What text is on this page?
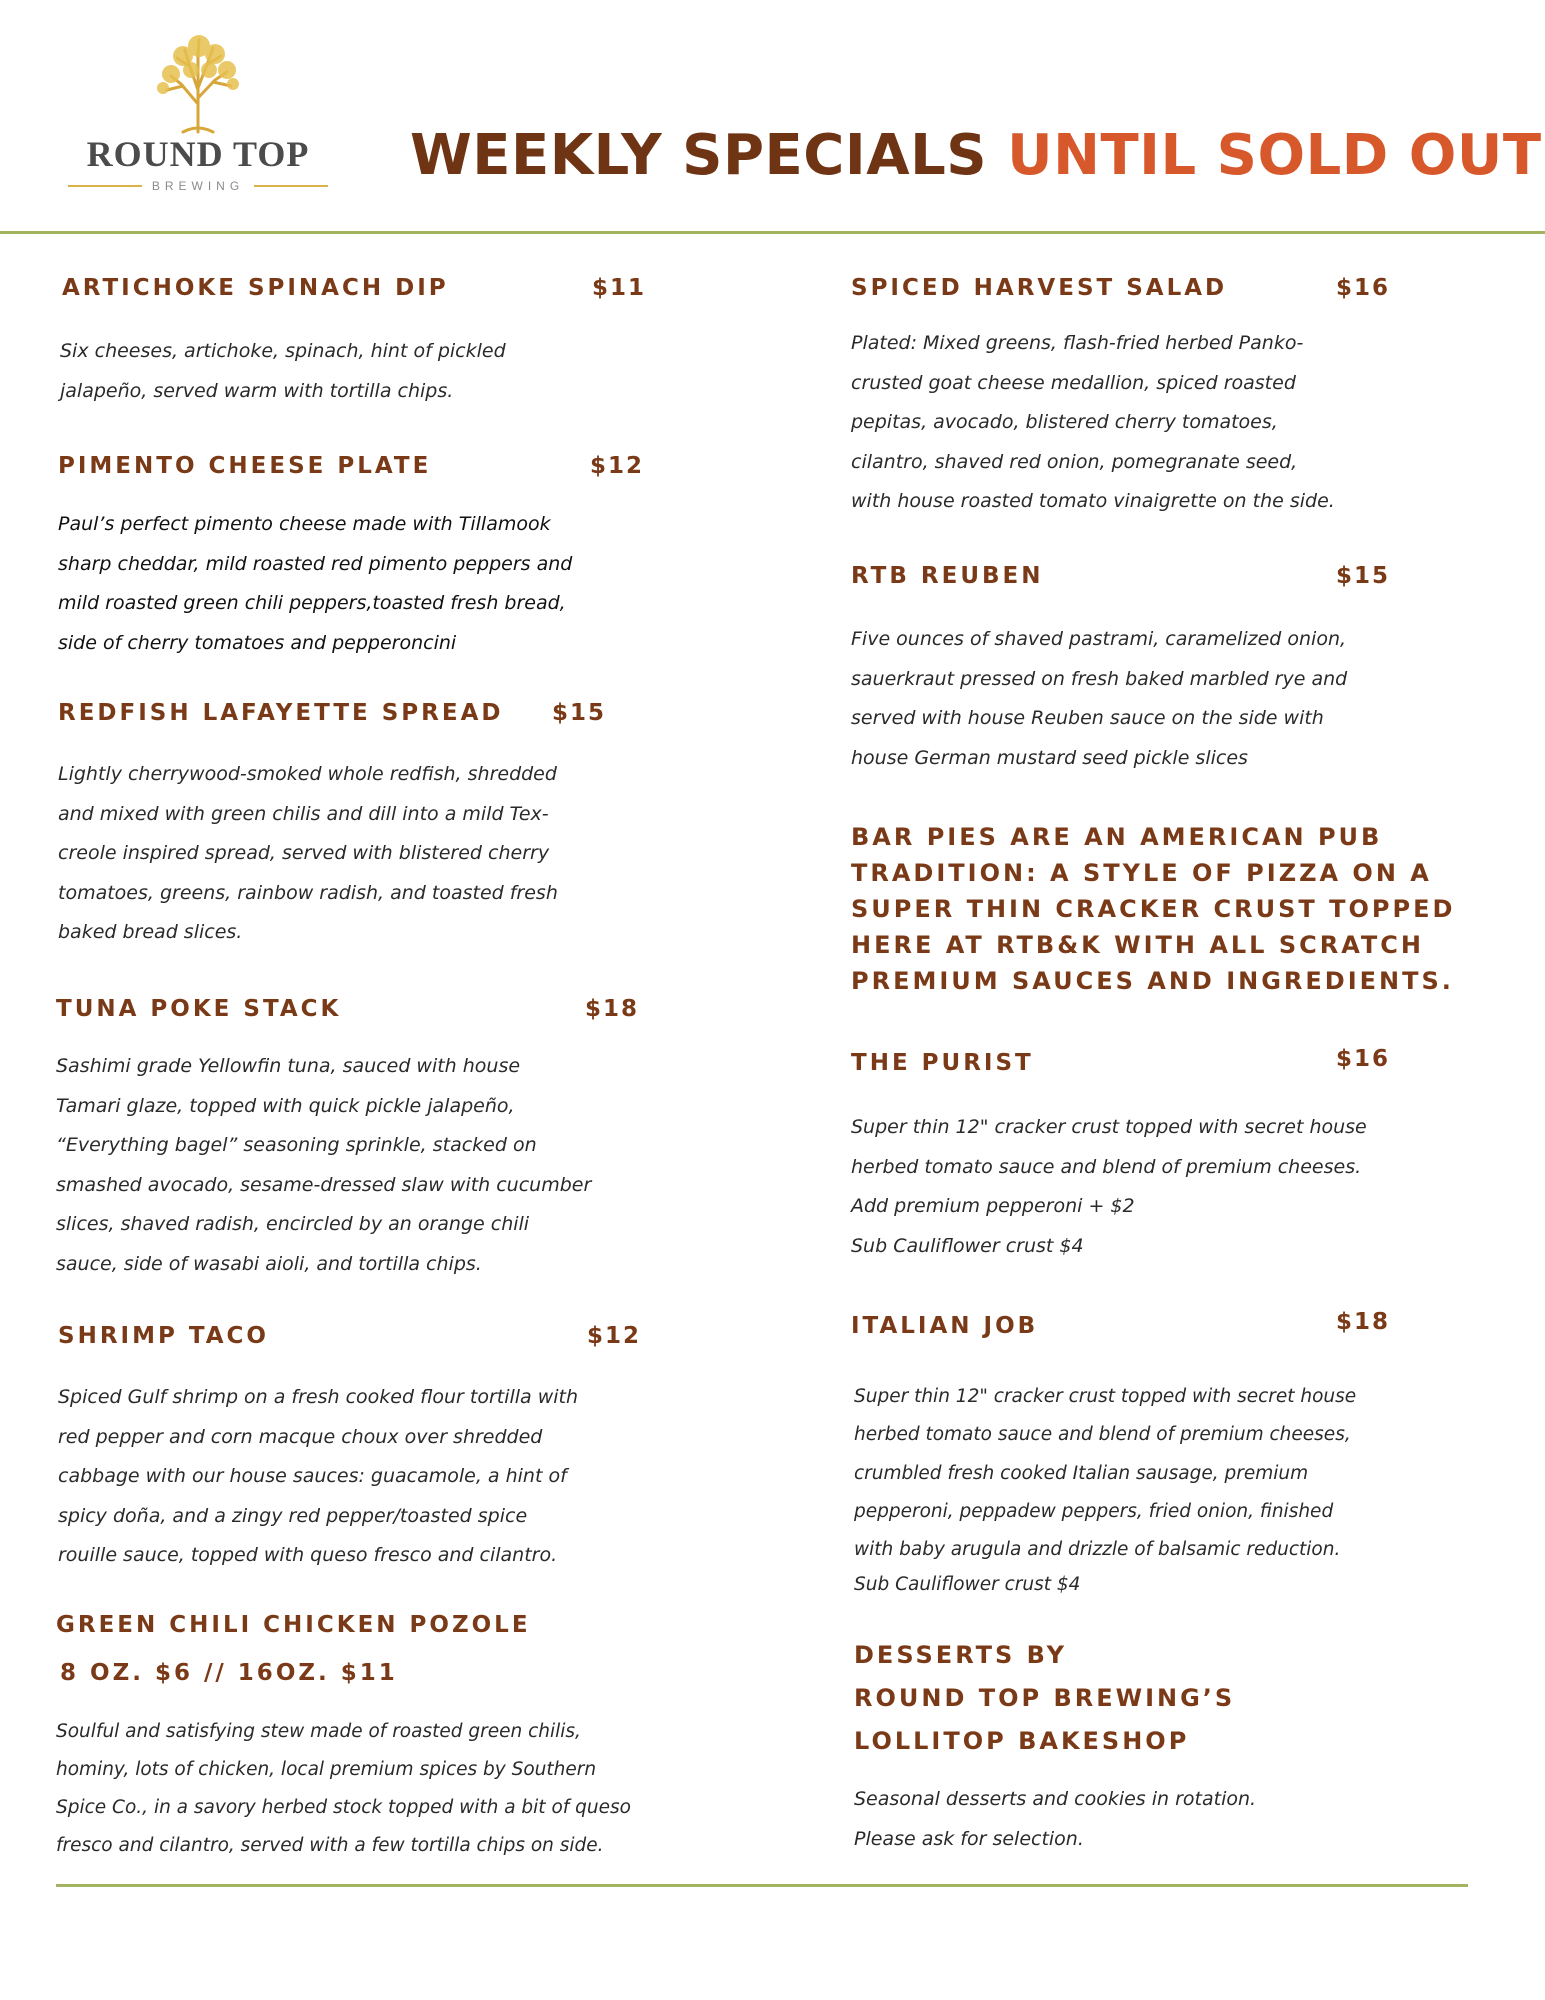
ROUND TOP
BREWING	WEEKLY SPECIALS UNTIL SOLD OUT
ARTICHOKE SPINACH DIP	$11

Six cheeses, artichoke, spinach, hint of pickled
jalapeño, served warm with tortilla chips.

PIMENTO CHEESE PLATE	$12

Paul’s perfect pimento cheese made with Tillamook
sharp cheddar, mild roasted red pimento peppers and
mild roasted green chili peppers,toasted fresh bread,
side of cherry tomatoes and pepperoncini

REDFISH LAFAYETTE SPREAD $15

Lightly cherrywood-smoked whole redfish, shredded
and mixed with green chilis and dill into a mild Tex-
creole inspired spread, served with blistered cherry
tomatoes, greens, rainbow radish, and toasted fresh
baked bread slices.

TUNA POKE STACK	$18

Sashimi grade Yellowfin tuna, sauced with house
Tamari glaze, topped with quick pickle jalapeño,
“Everything bagel” seasoning sprinkle, stacked on
smashed avocado, sesame-dressed slaw with cucumber
slices, shaved radish, encircled by an orange chili
sauce, side of wasabi aioli, and tortilla chips.

SHRIMP TACO	$12

Spiced Gulf shrimp on a fresh cooked flour tortilla with
red pepper and corn macque choux over shredded
cabbage with our house sauces: guacamole, a hint of
spicy doña, and a zingy red pepper/toasted spice
rouille sauce, topped with queso fresco and cilantro.

GREEN CHILI CHICKEN POZOLE
8 OZ. $6 // 16OZ. $11

Soulful and satisfying stew made of roasted green chilis,
hominy, lots of chicken, local premium spices by Southern
Spice Co., in a savory herbed stock topped with a bit of queso
fresco and cilantro, served with a few tortilla chips on side.

SPICED HARVEST SALAD	$16

Plated: Mixed greens, flash-fried herbed Panko-
crusted goat cheese medallion, spiced roasted
pepitas, avocado, blistered cherry tomatoes,
cilantro, shaved red onion, pomegranate seed,
with house roasted tomato vinaigrette on the side.

RTB REUBEN	$15

Five ounces of shaved pastrami, caramelized onion,
sauerkraut pressed on fresh baked marbled rye and
served with house Reuben sauce on the side with
house German mustard seed pickle slices

BAR PIES ARE AN AMERICAN PUB
TRADITION: A STYLE OF PIZZA ON A
SUPER THIN CRACKER CRUST TOPPED
HERE AT RTB&K WITH ALL SCRATCH
PREMIUM SAUCES AND INGREDIENTS.

THE PURIST	$16

Super thin 12" cracker crust topped with secret house
herbed tomato sauce and blend of premium cheeses.
Add premium pepperoni + $2
Sub Cauliflower crust $4

ITALIAN JOB	$18

Super thin 12" cracker crust topped with secret house
herbed tomato sauce and blend of premium cheeses,
crumbled fresh cooked Italian sausage, premium
pepperoni, peppadew peppers, fried onion, finished
with baby arugula and drizzle of balsamic reduction.
Sub Cauliflower crust $4

DESSERTS BY
ROUND TOP BREWING’S
LOLLITOP BAKESHOP

Seasonal desserts and cookies in rotation.
Please ask for selection.
